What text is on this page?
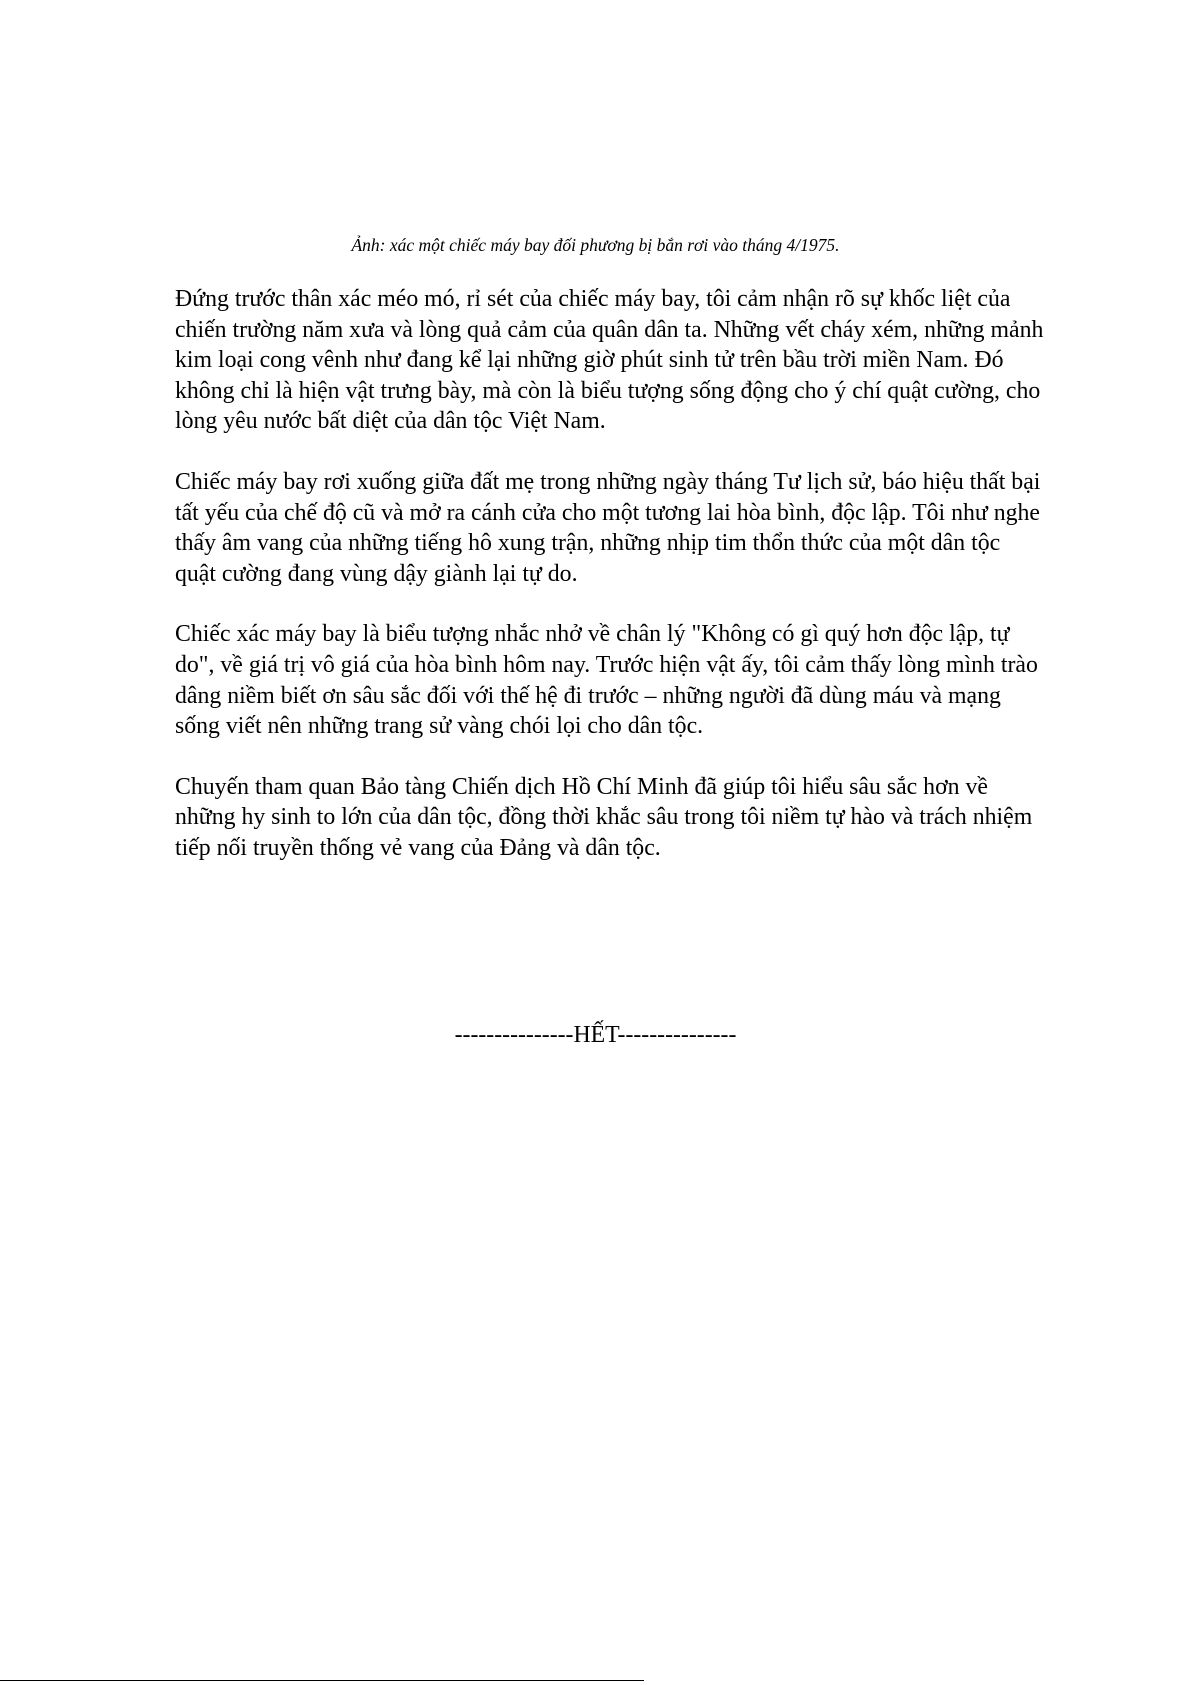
Ảnh: xác một chiếc máy bay đối phương bị bắn rơi vào tháng 4/1975.

Đứng trước thân xác méo mó, rỉ sét của chiếc máy bay, tôi cảm nhận rõ sự khốc liệt của chiến trường năm xưa và lòng quả cảm của quân dân ta. Những vết cháy xém, những mảnh kim loại cong vênh như đang kể lại những giờ phút sinh tử trên bầu trời miền Nam. Đó không chỉ là hiện vật trưng bày, mà còn là biểu tượng sống động cho ý chí quật cường, cho lòng yêu nước bất diệt của dân tộc Việt Nam.

Chiếc máy bay rơi xuống giữa đất mẹ trong những ngày tháng Tư lịch sử, báo hiệu thất bại tất yếu của chế độ cũ và mở ra cánh cửa cho một tương lai hòa bình, độc lập. Tôi như nghe thấy âm vang của những tiếng hô xung trận, những nhịp tim thổn thức của một dân tộc quật cường đang vùng dậy giành lại tự do.

Chiếc xác máy bay là biểu tượng nhắc nhở về chân lý "Không có gì quý hơn độc lập, tự do", về giá trị vô giá của hòa bình hôm nay. Trước hiện vật ấy, tôi cảm thấy lòng mình trào dâng niềm biết ơn sâu sắc đối với thế hệ đi trước – những người đã dùng máu và mạng sống viết nên những trang sử vàng chói lọi cho dân tộc.

Chuyến tham quan Bảo tàng Chiến dịch Hồ Chí Minh đã giúp tôi hiểu sâu sắc hơn về những hy sinh to lớn của dân tộc, đồng thời khắc sâu trong tôi niềm tự hào và trách nhiệm tiếp nối truyền thống vẻ vang của Đảng và dân tộc.

---------------HẾT---------------
